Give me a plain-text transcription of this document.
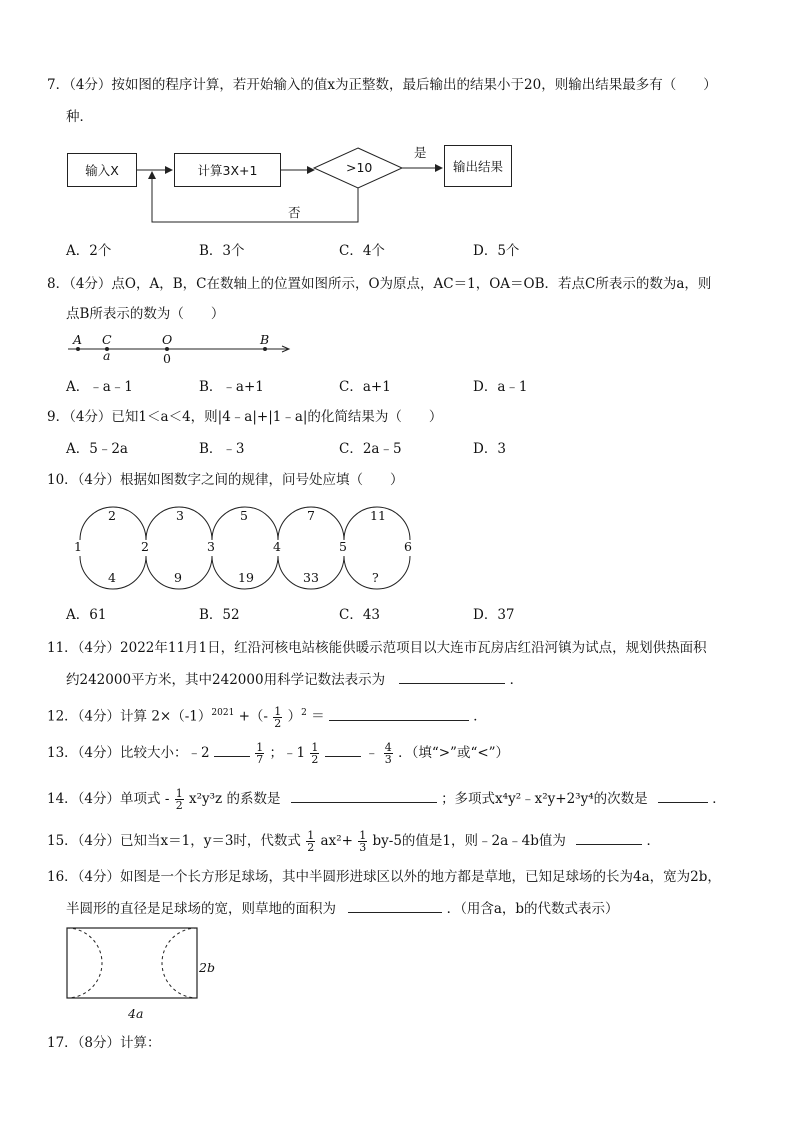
7．（4分）按如图的程序计算，若开始输入的值x为正整数，最后输出的结果小于20，则输出结果最多有（　　）
种．
输入X	计算3X+1	>10
是
输出结果
否
A．2个	B．3个	C．4个	D．5个
8．（4分）点O，A，B，C在数轴上的位置如图所示，O为原点，AC＝1，OA＝OB．若点C所表示的数为a，则
点B所表示的数为（　　）
A C	O	B
a	0
A．﹣a﹣1	B．﹣a+1	C．a+1	D．a﹣1
9．（4分）已知1＜a＜4，则|4﹣a|+|1﹣a|的化简结果为（　　）
A．5﹣2a	B．﹣3	C．2a﹣5	D．3
10．（4分）根据如图数字之间的规律，问号处应填（　　）
1	2	3	4	5	6
2	3	5	7	11
4	9	19	33	?
A．61	B．52	C．43	D．37
11．（4分）2022年11月1日，红沿河核电站核能供暖示范项目以大连市瓦房店红沿河镇为试点，规划供热面积
约242000平方米，其中242000用科学记数法表示为	．
12．（4分）计算 $2\times(-1)^{2021}$ +（- $\frac{1}{2} )^2$ ＝	．
13．（4分）比较大小：﹣2	$\frac{1}{7}$ ；﹣1 $\frac{1}{2}$	﹣ $\frac{4}{3}$ ．（填“>”或“<”）
14．（4分）单项式 - $\frac{1}{2} x^2y^3z$ 的系数是	；多项式x⁴y²﹣x²y+2³y⁴的次数是	．
15．（4分）已知当x＝1，y＝3时，代数式 $\frac{1}{2} ax^2+ \frac{1}{3} by-5$的值是1，则﹣2a﹣4b值为	．
16．（4分）如图是一个长方形足球场，其中半圆形进球区以外的地方都是草地，已知足球场的长为4a，宽为2b，
半圆形的直径是足球场的宽，则草地的面积为	．（用含a，b的代数式表示）
2b
4a
17．（8分）计算：
